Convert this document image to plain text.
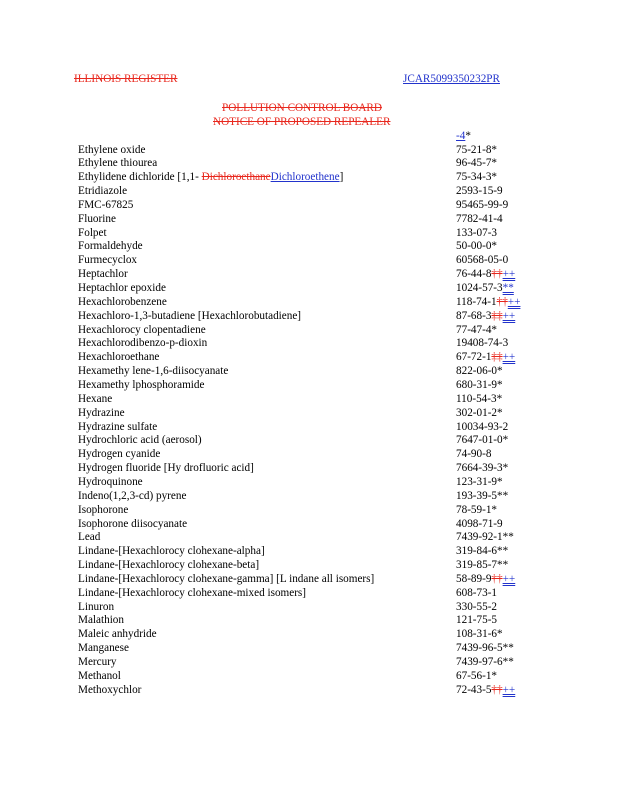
ILLINOIS REGISTER	JCAR5099350232PR
POLLUTION CONTROL BOARD
NOTICE OF PROPOSED REPEALER
-4*
Ethylene oxide	75-21-8*
Ethylene thiourea	96-45-7*
Ethylidene dichloride [1,1- DichloroethaneDichloroethene]	75-34-3*
Etridiazole	2593-15-9
FMC-67825	95465-99-9
Fluorine	7782-41-4
Folpet	133-07-3
Formaldehyde	50-00-0*
Furmecyclox	60568-05-0
Heptachlor	76-44-8††++
Heptachlor epoxide	1024-57-3**
Hexachlorobenzene	118-74-1††++
Hexachloro-1,3-butadiene [Hexachlorobutadiene]	87-68-3‡‡++
Hexachlorocy clopentadiene	77-47-4*
Hexachlorodibenzo-p-dioxin	19408-74-3
Hexachloroethane	67-72-1‡‡++
Hexamethy lene-1,6-diisocyanate	822-06-0*
Hexamethy lphosphoramide	680-31-9*
Hexane	110-54-3*
Hydrazine	302-01-2*
Hydrazine sulfate	10034-93-2
Hydrochloric acid (aerosol)	7647-01-0*
Hydrogen cyanide	74-90-8
Hydrogen fluoride [Hy drofluoric acid]	7664-39-3*
Hydroquinone	123-31-9*
Indeno(1,2,3-cd) pyrene	193-39-5**
Isophorone	78-59-1*
Isophorone diisocyanate	4098-71-9
Lead	7439-92-1**
Lindane-[Hexachlorocy clohexane-alpha]	319-84-6**
Lindane-[Hexachlorocy clohexane-beta]	319-85-7**
Lindane-[Hexachlorocy clohexane-gamma] [L indane all isomers]	58-89-9††++
Lindane-[Hexachlorocy clohexane-mixed isomers]	608-73-1
Linuron	330-55-2
Malathion	121-75-5
Maleic anhydride	108-31-6*
Manganese	7439-96-5**
Mercury	7439-97-6**
Methanol	67-56-1*
Methoxychlor	72-43-5††++
